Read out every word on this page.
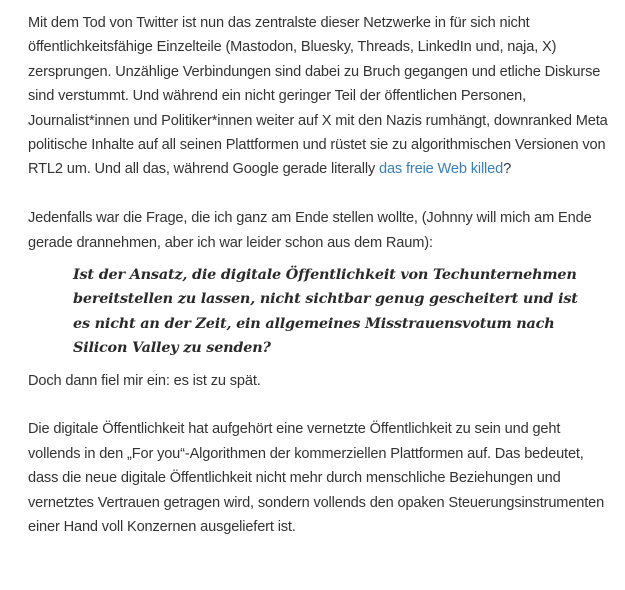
Mit dem Tod von Twitter ist nun das zentralste dieser Netzwerke in für sich nicht öffentlichkeitsfähige Einzelteile (Mastodon, Bluesky, Threads, LinkedIn und, naja, X) zersprungen. Unzählige Verbindungen sind dabei zu Bruch gegangen und etliche Diskurse sind verstummt. Und während ein nicht geringer Teil der öffentlichen Personen, Journalist*innen und Politiker*innen weiter auf X mit den Nazis rumhängt, downranked Meta politische Inhalte auf all seinen Plattformen und rüstet sie zu algorithmischen Versionen von RTL2 um. Und all das, während Google gerade literally das freie Web killed?

Jedenfalls war die Frage, die ich ganz am Ende stellen wollte, (Johnny will mich am Ende gerade drannehmen, aber ich war leider schon aus dem Raum):

Ist der Ansatz, die digitale Öffentlichkeit von Techunternehmen bereitstellen zu lassen, nicht sichtbar genug gescheitert und ist es nicht an der Zeit, ein allgemeines Misstrauensvotum nach Silicon Valley zu senden?

Doch dann fiel mir ein: es ist zu spät.

Die digitale Öffentlichkeit hat aufgehört eine vernetzte Öffentlichkeit zu sein und geht vollends in den „For you“-Algorithmen der kommerziellen Plattformen auf. Das bedeutet, dass die neue digitale Öffentlichkeit nicht mehr durch menschliche Beziehungen und vernetztes Vertrauen getragen wird, sondern vollends den opaken Steuerungsinstrumenten einer Hand voll Konzernen ausgeliefert ist.
